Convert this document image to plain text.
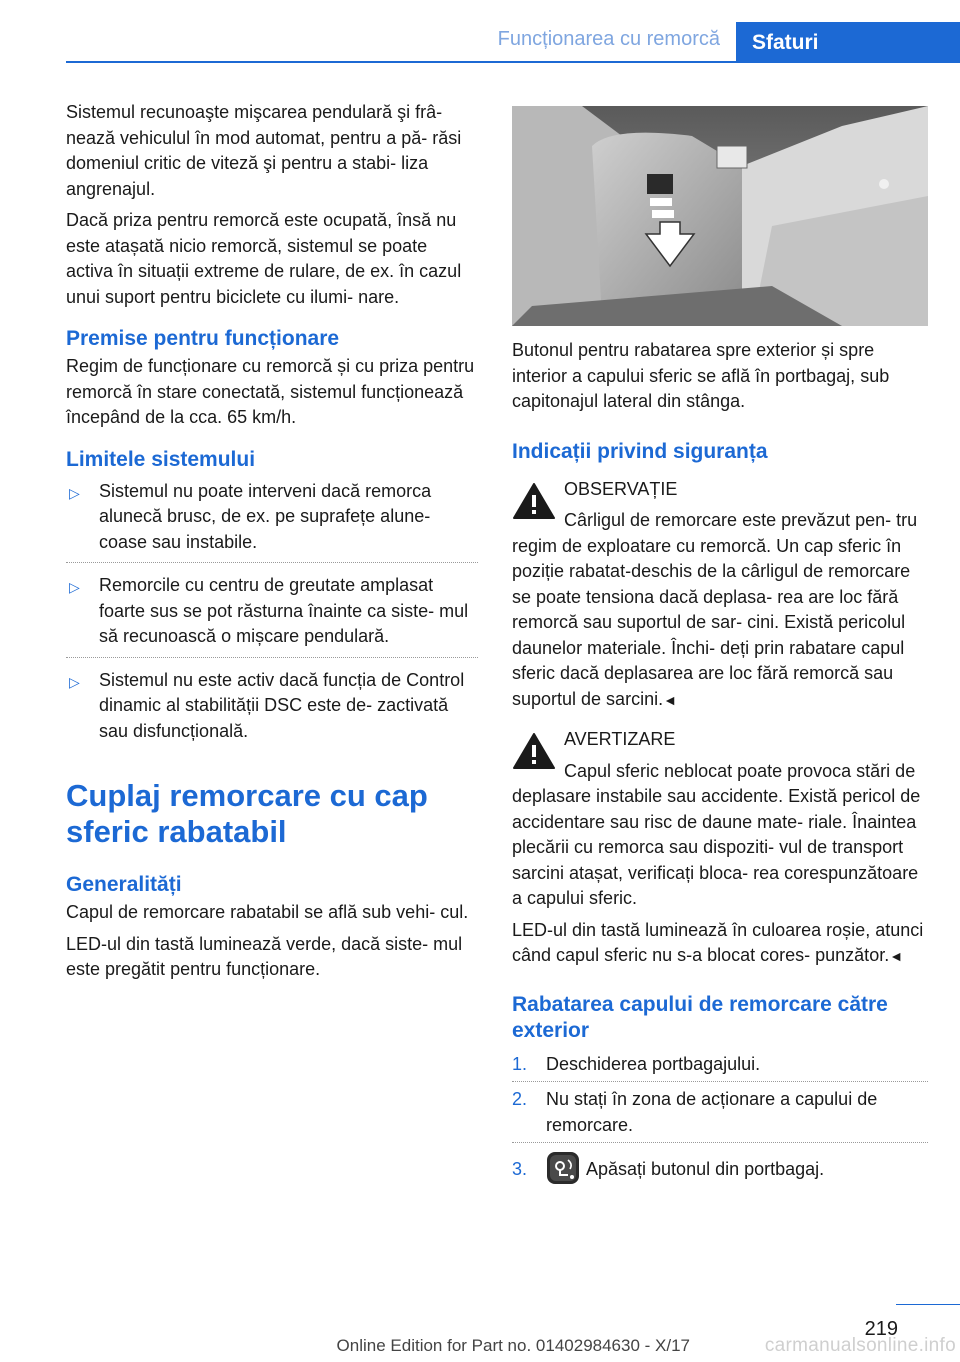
Funcționarea cu remorcă	Sfaturi

Sistemul recunoaşte mişcarea pendulară şi frâ‐ nează vehiculul în mod automat, pentru a pă‐ răsi domeniul critic de viteză şi pentru a stabi‐ liza angrenajul.

Dacă priza pentru remorcă este ocupată, însă nu este atașată nicio remorcă, sistemul se poate activa în situații extreme de rulare, de ex. în cazul unui suport pentru biciclete cu ilumi‐ nare.

Premise pentru funcționare

Regim de funcționare cu remorcă și cu priza pentru remorcă în stare conectată, sistemul funcționează începând de la cca. 65 km/h.

Limitele sistemului
▷ Sistemul nu poate interveni dacă remorca alunecă brusc, de ex. pe suprafețe alune‐ coase sau instabile.
▷ Remorcile cu centru de greutate amplasat foarte sus se pot răsturna înainte ca siste‐ mul să recunoască o mișcare pendulară.
▷ Sistemul nu este activ dacă funcția de Control dinamic al stabilității DSC este de‐ zactivată sau disfuncțională.
Cuplaj remorcare cu cap sferic rabatabil
Generalități

Capul de remorcare rabatabil se află sub vehi‐ cul.

LED-ul din tastă luminează verde, dacă siste‐ mul este pregătit pentru funcționare.

Butonul pentru rabatarea spre exterior și spre interior a capului sferic se află în portbagaj, sub capitonajul lateral din stânga.

Indicații privind siguranța
OBSERVAȚIE

Cârligul de remorcare este prevăzut pen‐ tru regim de exploatare cu remorcă. Un cap sferic în poziție rabatat-deschis de la cârligul de remorcare se poate tensiona dacă deplasa‐ rea are loc fără remorcă sau suportul de sar‐ cini. Există pericolul daunelor materiale. Închi‐ deți prin rabatare capul sferic dacă deplasarea are loc fără remorcă sau suportul de sarcini.◄

AVERTIZARE

Capul sferic neblocat poate provoca stări de deplasare instabile sau accidente. Există pericol de accidentare sau risc de daune mate‐ riale. Înaintea plecării cu remorca sau dispoziti‐ vul de transport sarcini atașat, verificați bloca‐ rea corespunzătoare a capului sferic.

LED-ul din tastă luminează în culoarea roșie, atunci când capul sferic nu s-a blocat cores‐ punzător.◄

Rabatarea capului de remorcare către exterior
1. Deschiderea portbagajului.
2. Nu stați în zona de acționare a capului de remorcare.
3.	Apăsați butonul din portbagaj.
219
Online Edition for Part no. 01402984630 - X/17	carmanualsonline.info
